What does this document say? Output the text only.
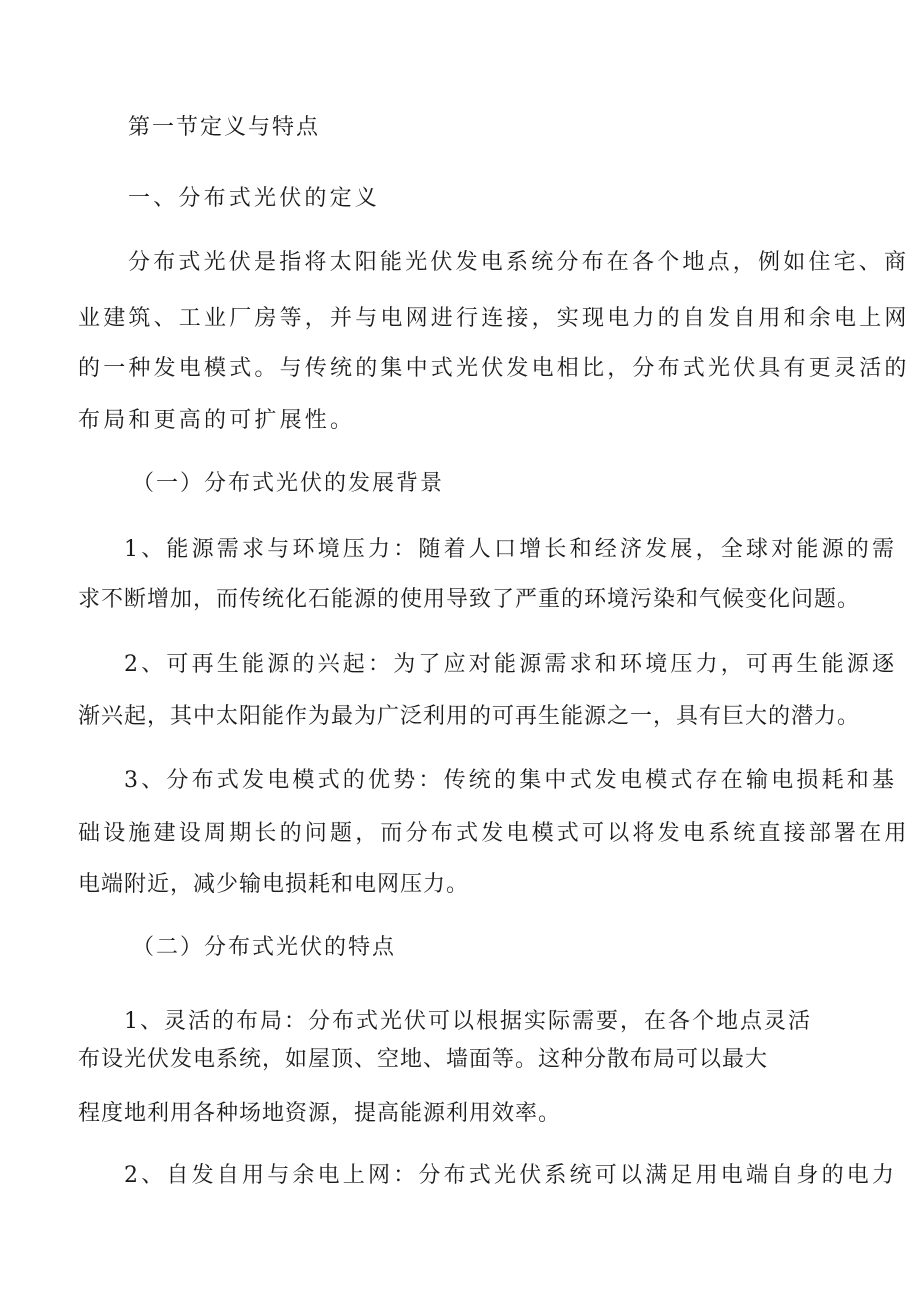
第一节定义与特点
一、分布式光伏的定义
分布式光伏是指将太阳能光伏发电系统分布在各个地点，例如住宅、商
业建筑、工业厂房等，并与电网进行连接，实现电力的自发自用和余电上网
的一种发电模式。与传统的集中式光伏发电相比，分布式光伏具有更灵活的
布局和更高的可扩展性。
（一）分布式光伏的发展背景
1、能源需求与环境压力：随着人口增长和经济发展，全球对能源的需
求不断增加，而传统化石能源的使用导致了严重的环境污染和气候变化问题。
2、可再生能源的兴起：为了应对能源需求和环境压力，可再生能源逐
渐兴起，其中太阳能作为最为广泛利用的可再生能源之一，具有巨大的潜力。
3、分布式发电模式的优势：传统的集中式发电模式存在输电损耗和基
础设施建设周期长的问题，而分布式发电模式可以将发电系统直接部署在用
电端附近，减少输电损耗和电网压力。
（二）分布式光伏的特点
1、灵活的布局：分布式光伏可以根据实际需要，在各个地点灵活
布设光伏发电系统，如屋顶、空地、墙面等。这种分散布局可以最大
程度地利用各种场地资源，提高能源利用效率。
2、自发自用与余电上网：分布式光伏系统可以满足用电端自身的电力
